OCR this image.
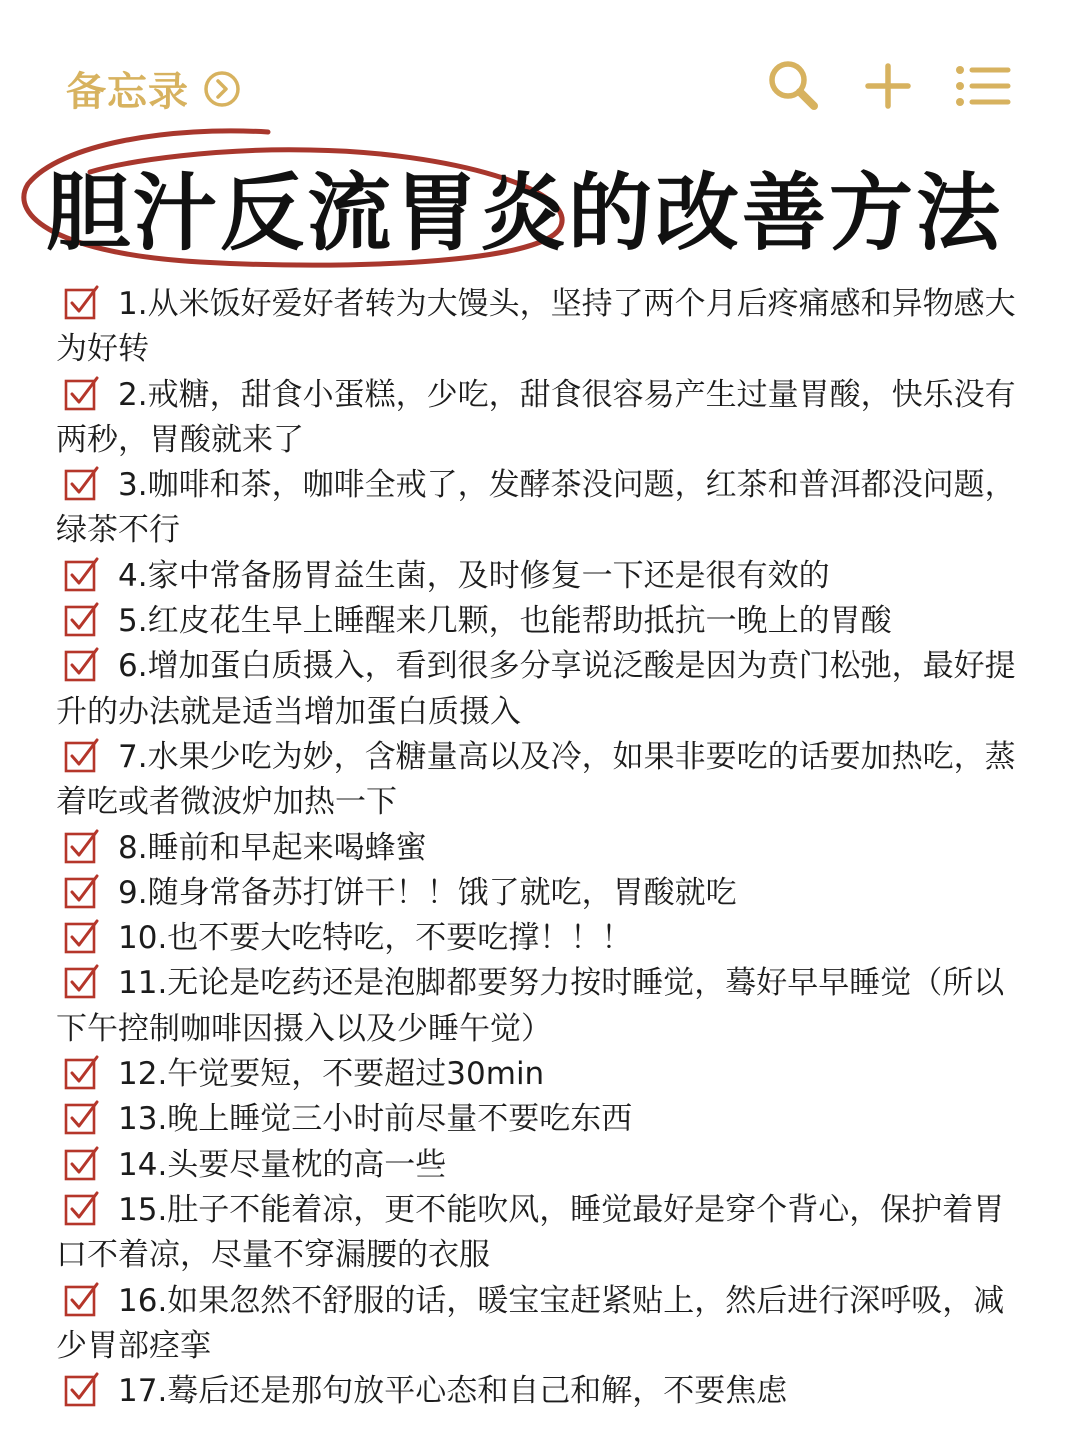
备忘录
胆汁反流胃炎的改善方法
1.从米饭好爱好者转为大馒头，坚持了两个月后疼痛感和异物感大为好转
2.戒糖，甜食小蛋糕，少吃，甜食很容易产生过量胃酸，快乐没有两秒，胃酸就来了
3.咖啡和茶，咖啡全戒了，发酵茶没问题，红茶和普洱都没问题，绿茶不行
4.家中常备肠胃益生菌，及时修复一下还是很有效的
5.红皮花生早上睡醒来几颗，也能帮助抵抗一晚上的胃酸
6.增加蛋白质摄入，看到很多分享说泛酸是因为贲门松弛，最好提升的办法就是适当增加蛋白质摄入
7.水果少吃为妙，含糖量高以及冷，如果非要吃的话要加热吃，蒸着吃或者微波炉加热一下
8.睡前和早起来喝蜂蜜
9.随身常备苏打饼干！！饿了就吃，胃酸就吃
10.也不要大吃特吃，不要吃撑！！！
11.无论是吃药还是泡脚都要努力按时睡觉，蓦好早早睡觉（所以下午控制咖啡因摄入以及少睡午觉）
12.午觉要短，不要超过30min
13.晚上睡觉三小时前尽量不要吃东西
14.头要尽量枕的高一些
15.肚子不能着凉，更不能吹风，睡觉最好是穿个背心，保护着胃口不着凉，尽量不穿漏腰的衣服
16.如果忽然不舒服的话，暖宝宝赶紧贴上，然后进行深呼吸，减少胃部痉挛
17.蓦后还是那句放平心态和自己和解，不要焦虑
